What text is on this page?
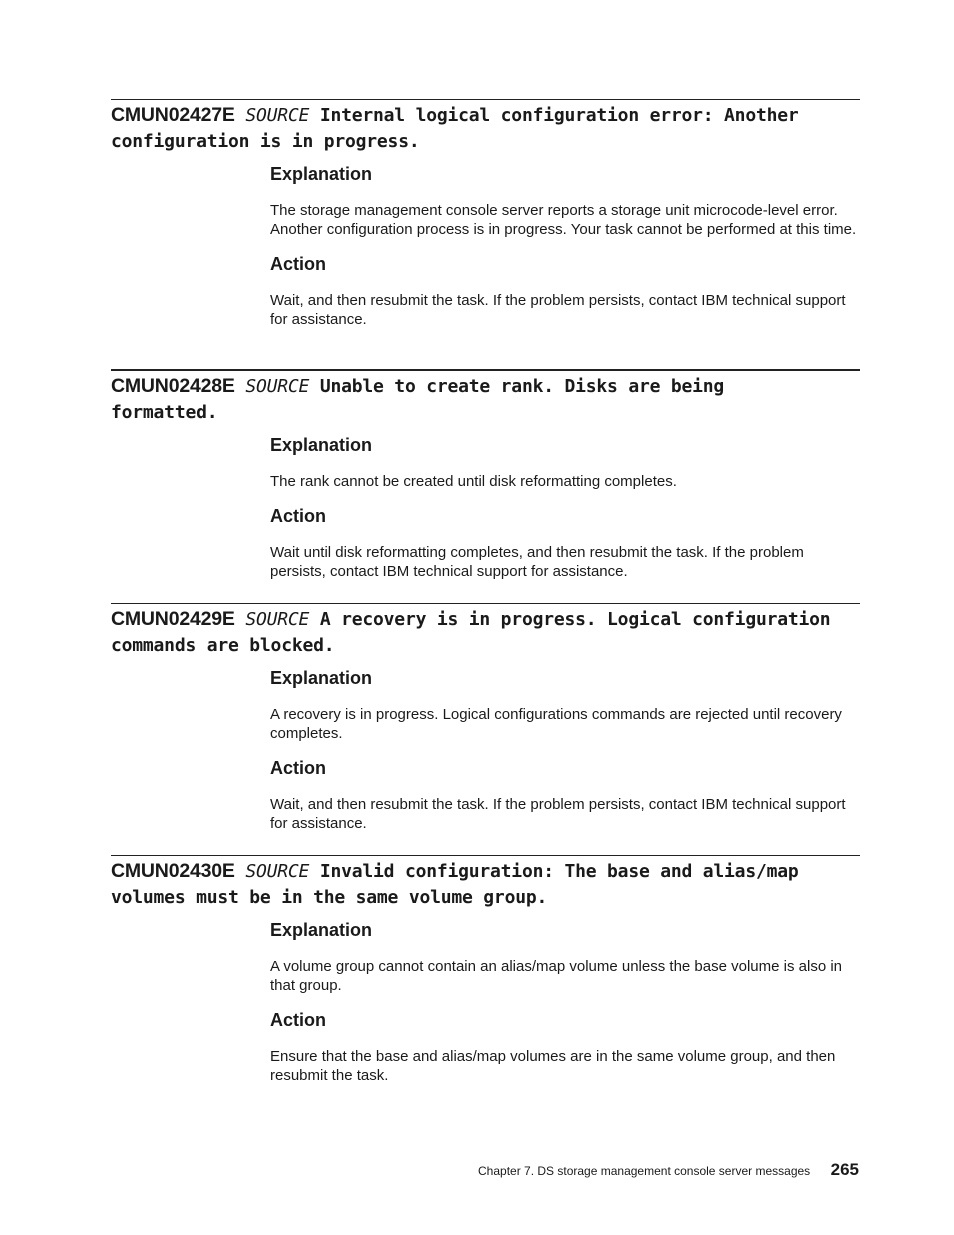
CMUN02427E SOURCE Internal logical configuration error: Another configuration is in progress.
Explanation

The storage management console server reports a storage unit microcode-level error. Another configuration process is in progress. Your task cannot be performed at this time.

Action

Wait, and then resubmit the task. If the problem persists, contact IBM technical support for assistance.

CMUN02428E SOURCE Unable to create rank. Disks are being formatted.
Explanation

The rank cannot be created until disk reformatting completes.

Action

Wait until disk reformatting completes, and then resubmit the task. If the problem persists, contact IBM technical support for assistance.

CMUN02429E SOURCE A recovery is in progress. Logical configuration commands are blocked.
Explanation

A recovery is in progress. Logical configurations commands are rejected until recovery completes.

Action

Wait, and then resubmit the task. If the problem persists, contact IBM technical support for assistance.

CMUN02430E SOURCE Invalid configuration: The base and alias/map volumes must be in the same volume group.
Explanation

A volume group cannot contain an alias/map volume unless the base volume is also in that group.

Action

Ensure that the base and alias/map volumes are in the same volume group, and then resubmit the task.

Chapter 7. DS storage management console server messages 265
